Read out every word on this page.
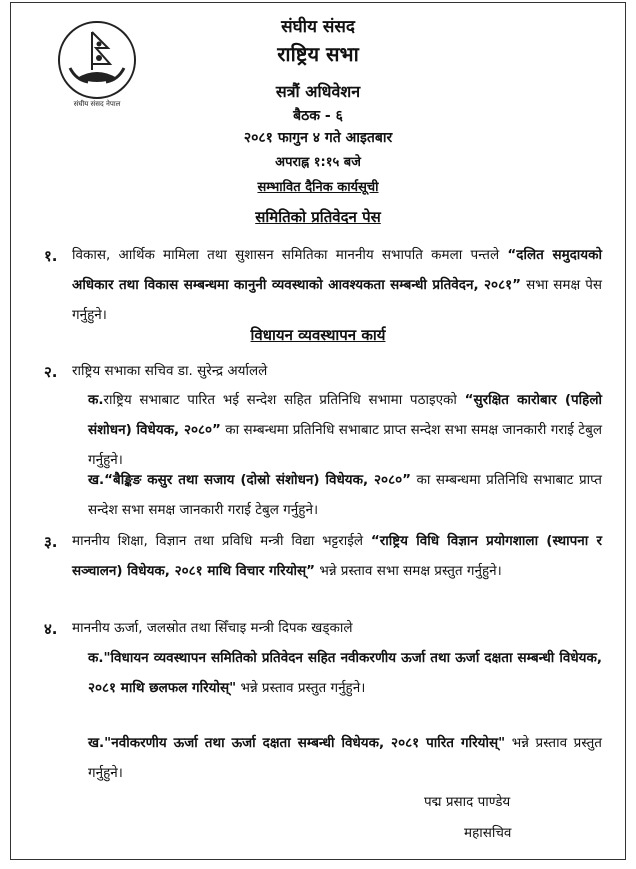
संघीय संसद नेपाल
संघीय संसद
राष्ट्रिय सभा
सत्रौं अधिवेशन
बैठक - ६
२०८१ फागुन ४ गते आइतबार
अपराह्न १:१५ बजे
सम्भावित दैनिक कार्यसूची
समितिको प्रतिवेदन पेस
१. विकास, आर्थिक मामिला तथा सुशासन समितिका माननीय सभापति कमला पन्तले “दलित समुदायको अधिकार तथा विकास सम्बन्धमा कानुनी व्यवस्थाको आवश्यकता सम्बन्धी प्रतिवेदन, २०८१” सभा समक्ष पेस गर्नुहुने।
विधायन व्यवस्थापन कार्य
२. राष्ट्रिय सभाका सचिव डा. सुरेन्द्र अर्यालले
क.राष्ट्रिय सभाबाट पारित भई सन्देश सहित प्रतिनिधि सभामा पठाइएको “सुरक्षित कारोबार (पहिलो संशोधन) विधेयक, २०८०” का सम्बन्धमा प्रतिनिधि सभाबाट प्राप्त सन्देश सभा समक्ष जानकारी गराई टेबुल गर्नुहुने।
ख.“बैङ्किङ कसुर तथा सजाय (दोस्रो संशोधन) विधेयक, २०८०” का सम्बन्धमा प्रतिनिधि सभाबाट प्राप्त सन्देश सभा समक्ष जानकारी गराई टेबुल गर्नुहुने।
३. माननीय शिक्षा, विज्ञान तथा प्रविधि मन्त्री विद्या भट्टराईले “राष्ट्रिय विधि विज्ञान प्रयोगशाला (स्थापना र सञ्चालन) विधेयक, २०८१ माथि विचार गरियोस्” भन्ने प्रस्ताव सभा समक्ष प्रस्तुत गर्नुहुने।
४. माननीय ऊर्जा, जलस्रोत तथा सिँचाइ मन्त्री दिपक खड्काले
क."विधायन व्यवस्थापन समितिको प्रतिवेदन सहित नवीकरणीय ऊर्जा तथा ऊर्जा दक्षता सम्बन्धी विधेयक, २०८१ माथि छलफल गरियोस्" भन्ने प्रस्ताव प्रस्तुत गर्नुहुने।
ख."नवीकरणीय ऊर्जा तथा ऊर्जा दक्षता सम्बन्धी विधेयक, २०८१ पारित गरियोस्" भन्ने प्रस्ताव प्रस्तुत गर्नुहुने।
पद्म प्रसाद पाण्डेय
महासचिव
